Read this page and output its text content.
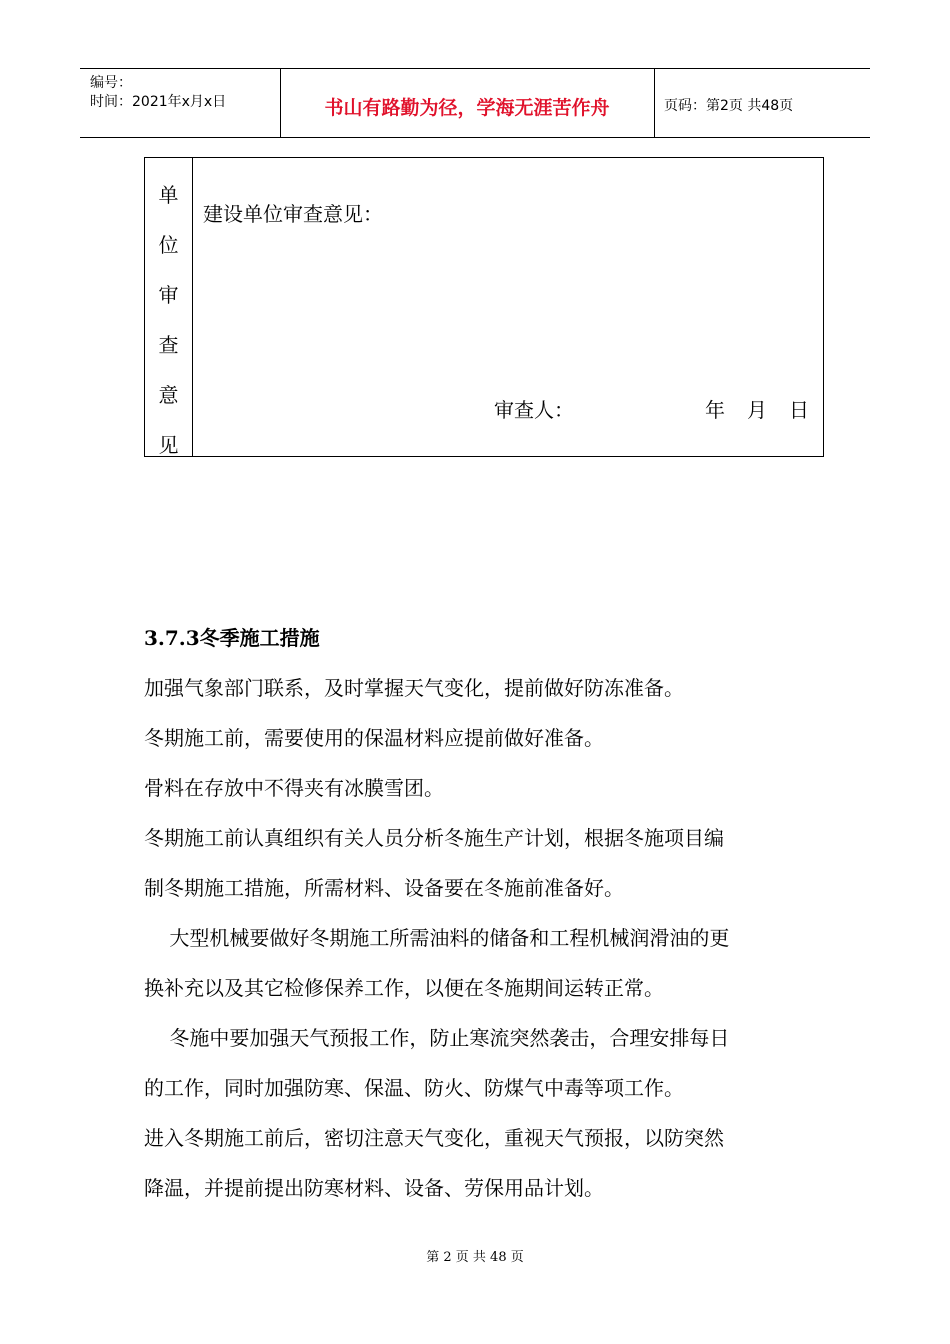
编号：
时间：2021年x月x日	书山有路勤为径，学海无涯苦作舟	页码：第2页 共48页
单
位
审
查
意
见
建设单位审查意见：
审查人：	年 月 日
3.7.3冬季施工措施
加强气象部门联系，及时掌握天气变化，提前做好防冻准备。
冬期施工前，需要使用的保温材料应提前做好准备。
骨料在存放中不得夹有冰膜雪团。
冬期施工前认真组织有关人员分析冬施生产计划，根据冬施项目编
制冬期施工措施，所需材料、设备要在冬施前准备好。
大型机械要做好冬期施工所需油料的储备和工程机械润滑油的更
换补充以及其它检修保养工作，以便在冬施期间运转正常。
冬施中要加强天气预报工作，防止寒流突然袭击，合理安排每日
的工作，同时加强防寒、保温、防火、防煤气中毒等项工作。
进入冬期施工前后，密切注意天气变化，重视天气预报，以防突然
降温，并提前提出防寒材料、设备、劳保用品计划。
第 2 页 共 48 页
